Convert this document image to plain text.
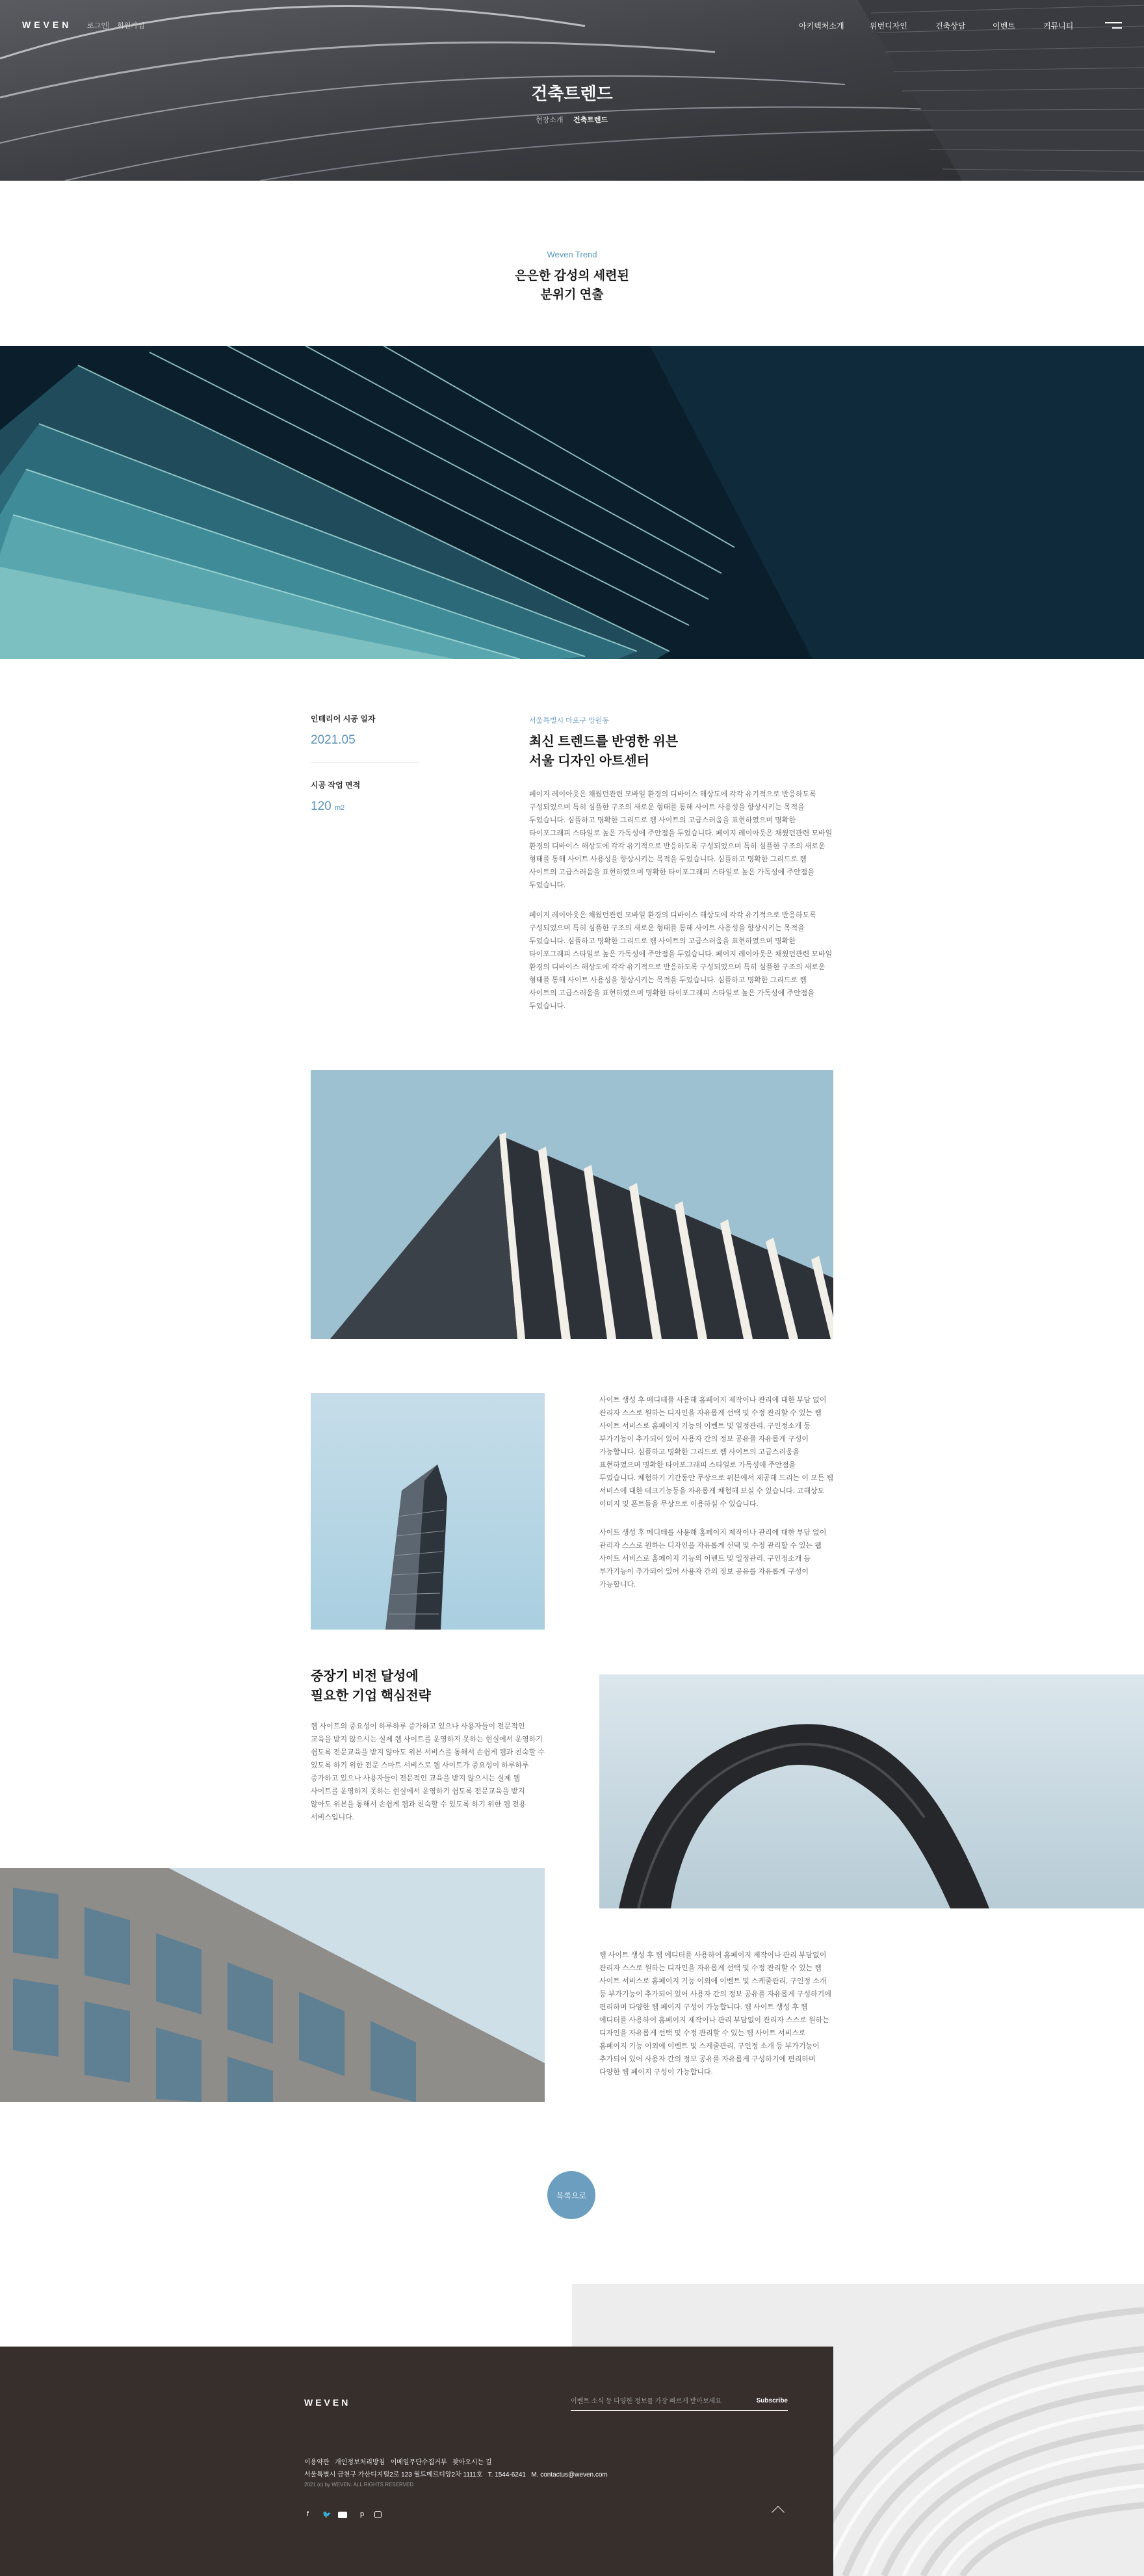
WEVEN 로그인 회원가입	아키텍처소개	위번디자인	건축상담	이벤트	커뮤니티
건축트렌드
현장소개 건축트렌드
Weven Trend
은은한 감성의 세련된
분위기 연출
인테리어 시공 일자
2021.05
시공 작업 면적
120 m2
서울특별시 마포구 망원동
최신 트렌드를 반영한 위븐
서울 디자인 아트센터
페이지 레이아웃은 채웠던관련 모바일 환경의 디바이스 해상도에 각각 유기적으로 반응하도록 구성되었으며 특히 심플한 구조의 새로운 형태를 통해 사이트 사용성을 향상시키는 목적을 두었습니다. 심플하고 명확한 그리드로 웹 사이트의 고급스러움을 표현하였으며 명확한 타이포그래피 스타일로 높은 가독성에 주안점을 두었습니다. 페이지 레이아웃은 채웠던관련 모바일 환경의 디바이스 해상도에 각각 유기적으로 반응하도록 구성되었으며 특히 심플한 구조의 새로운 형태를 통해 사이트 사용성을 향상시키는 목적을 두었습니다. 심플하고 명확한 그리드로 웹 사이트의 고급스러움을 표현하였으며 명확한 타이포그래피 스타일로 높은 가독성에 주안점을 두었습니다.
페이지 레이아웃은 채웠던관련 모바일 환경의 디바이스 해상도에 각각 유기적으로 반응하도록 구성되었으며 특히 심플한 구조의 새로운 형태를 통해 사이트 사용성을 향상시키는 목적을 두었습니다. 심플하고 명확한 그리드로 웹 사이트의 고급스러움을 표현하였으며 명확한 타이포그래피 스타일로 높은 가독성에 주안점을 두었습니다. 페이지 레이아웃은 채웠던관련 모바일 환경의 디바이스 해상도에 각각 유기적으로 반응하도록 구성되었으며 특히 심플한 구조의 새로운 형태를 통해 사이트 사용성을 향상시키는 목적을 두었습니다. 심플하고 명확한 그리드로 웹 사이트의 고급스러움을 표현하였으며 명확한 타이포그래피 스타일로 높은 가독성에 주안점을 두었습니다.
사이트 생성 후 메디테를 사용해 홈페이지 제작이나 관리에 대한 부담 없이 관리자 스스로 원하는 디자인을 자유롭게 선택 및 수정 관리할 수 있는 웹 사이트 서비스로 홈페이지 기능의 이벤트 및 일정관리, 구인정소개 등 부가기능이 추가되어 있어 사용자 간의 정보 공유를 자유롭게 구성이 가능합니다. 심플하고 명확한 그리드로 웹 사이트의 고급스러움을 표현하였으며 명확한 타이포그래피 스타일로 가독성에 주안점을 두었습니다. 체험하기 기간동안 무상으로 위븐에서 제공해 드리는 이 모든 웹 서비스에 대한 테크기능등을 자유롭게 체험해 보실 수 있습니다. 고해상도 이미지 및 폰트들을 무상으로 이용하실 수 있습니다.
사이트 생성 후 메디테를 사용해 홈페이지 제작이나 관리에 대한 부담 없이 관리자 스스로 원하는 디자인을 자유롭게 선택 및 수정 관리할 수 있는 웹 사이트 서비스로 홈페이지 기능의 이벤트 및 일정관리, 구인정소개 등 부가기능이 추가되어 있어 사용자 간의 정보 공유를 자유롭게 구성이 가능합니다.
중장기 비전 달성에
필요한 기업 핵심전략
웹 사이트의 중요성이 하루하루 증가하고 있으나 사용자들이 전문적인 교육을 받지 않으시는 실제 웹 사이트를 운영하지 못하는 현실에서 운영하기 쉽도록 전문교육을 받지 않아도 위븐 서비스를 통해서 손쉽게 웹과 친숙할 수 있도록 하기 위한 전문 스마트 서비스로 웹 사이트가 중요성이 하루하루 증가하고 있으나 사용자들이 전문적인 교육을 받지 않으시는 실제 웹 사이트를 운영하지 못하는 현실에서 운영하기 쉽도록 전문교육을 받지 않아도 위븐을 통해서 손쉽게 웹과 친숙할 수 있도록 하기 위한 웹 전용 서비스입니다.
웹 사이트 생성 후 웹 에디터를 사용하여 홈페이지 제작이나 관리 부담없이 관리자 스스로 원하는 디자인을 자유롭게 선택 및 수정 관리할 수 있는 웹 사이트 서비스로 홈페이지 기능 이외에 이벤트 및 스케줄관리, 구인정 소개 등 부가기능이 추가되어 있어 사용자 간의 정보 공유를 자유롭게 구성하기에 편리하며 다양한 웹 페이지 구성이 가능합니다. 웹 사이트 생성 후 웹 에디터를 사용하여 홈페이지 제작이나 관리 부담없이 관리자 스스로 원하는 디자인을 자유롭게 선택 및 수정 관리할 수 있는 웹 사이트 서비스로 홈페이지 기능 이외에 이벤트 및 스케줄관리, 구인정 소개 등 부가기능이 추가되어 있어 사용자 간의 정보 공유를 자유롭게 구성하기에 편리하며 다양한 웹 페이지 구성이 가능합니다.
목록으로
WEVEN	이벤트 소식 등 다양한 정보를 가장 빠르게 받아보세요	Subscribe
이용약관 개인정보처리방침 이메일무단수집거부 찾아오시는 길
서울특별시 금천구 가산디지털2로 123 월드메르디앙2차 1111호 T. 1544-6241 M. contactus@weven.com
2021 (c) by WEVEN. ALL RIGHTS RESERVED
f 🐦	p
